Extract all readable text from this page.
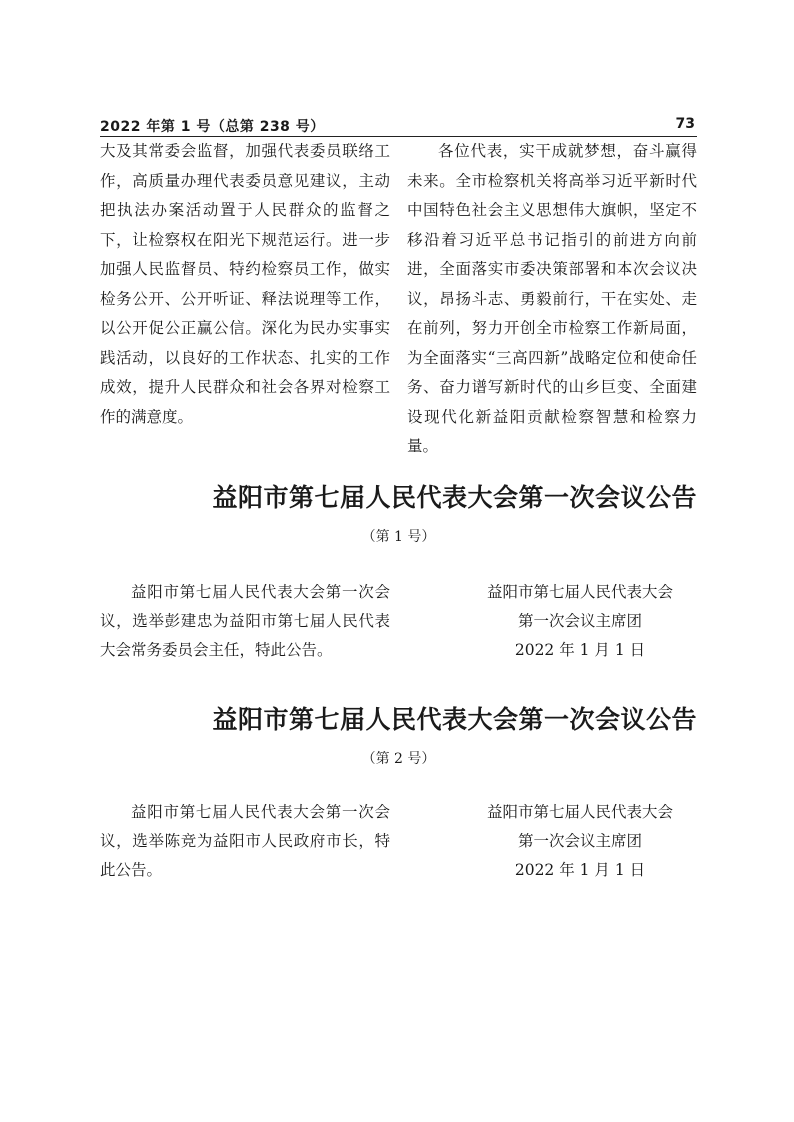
2022 年第 1 号（总第 238 号）	73

大及其常委会监督，加强代表委员联络工作，高质量办理代表委员意见建议，主动把执法办案活动置于人民群众的监督之下，让检察权在阳光下规范运行。进一步加强人民监督员、特约检察员工作，做实检务公开、公开听证、释法说理等工作，以公开促公正赢公信。深化为民办实事实践活动，以良好的工作状态、扎实的工作成效，提升人民群众和社会各界对检察工作的满意度。

各位代表，实干成就梦想，奋斗赢得未来。全市检察机关将高举习近平新时代中国特色社会主义思想伟大旗帜，坚定不移沿着习近平总书记指引的前进方向前进，全面落实市委决策部署和本次会议决议，昂扬斗志、勇毅前行，干在实处、走在前列，努力开创全市检察工作新局面，为全面落实“三高四新”战略定位和使命任务、奋力谱写新时代的山乡巨变、全面建设现代化新益阳贡献检察智慧和检察力量。

益阳市第七届人民代表大会第一次会议公告
（第 1 号）

益阳市第七届人民代表大会第一次会议，选举彭建忠为益阳市第七届人民代表大会常务委员会主任，特此公告。

益阳市第七届人民代表大会
第一次会议主席团
2022 年 1 月 1 日
益阳市第七届人民代表大会第一次会议公告
（第 2 号）

益阳市第七届人民代表大会第一次会议，选举陈竞为益阳市人民政府市长，特此公告。

益阳市第七届人民代表大会
第一次会议主席团
2022 年 1 月 1 日
